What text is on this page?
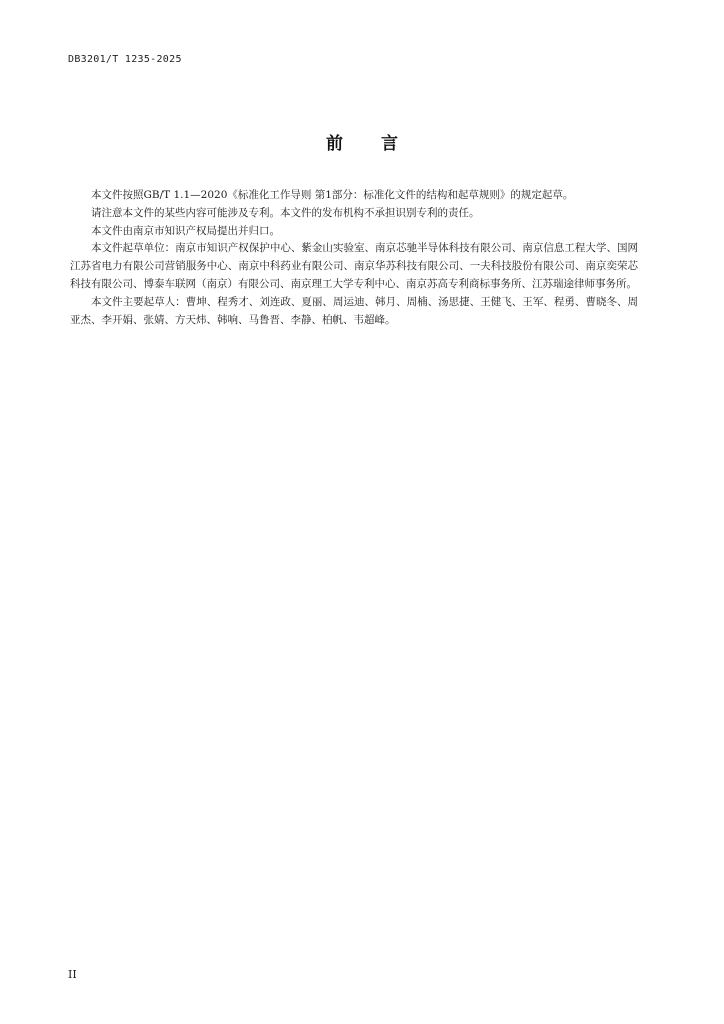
DB3201/T 1235-2025
前 言

本文件按照GB/T 1.1—2020《标准化工作导则 第1部分：标准化文件的结构和起草规则》的规定起草。

请注意本文件的某些内容可能涉及专利。本文件的发布机构不承担识别专利的责任。

本文件由南京市知识产权局提出并归口。

本文件起草单位：南京市知识产权保护中心、紫金山实验室、南京芯驰半导体科技有限公司、南京信息工程大学、国网江苏省电力有限公司营销服务中心、南京中科药业有限公司、南京华苏科技有限公司、一夫科技股份有限公司、南京奕荣芯科技有限公司、博泰车联网（南京）有限公司、南京理工大学专利中心、南京苏高专利商标事务所、江苏瑞途律师事务所。

本文件主要起草人：曹坤、程秀才、刘连政、夏丽、周运迪、韩月、周楠、汤思捷、王健飞、王军、程勇、曹晓冬、周亚杰、李开娟、张婧、方天炜、韩响、马鲁晋、李静、柏帆、韦超峰。

II
